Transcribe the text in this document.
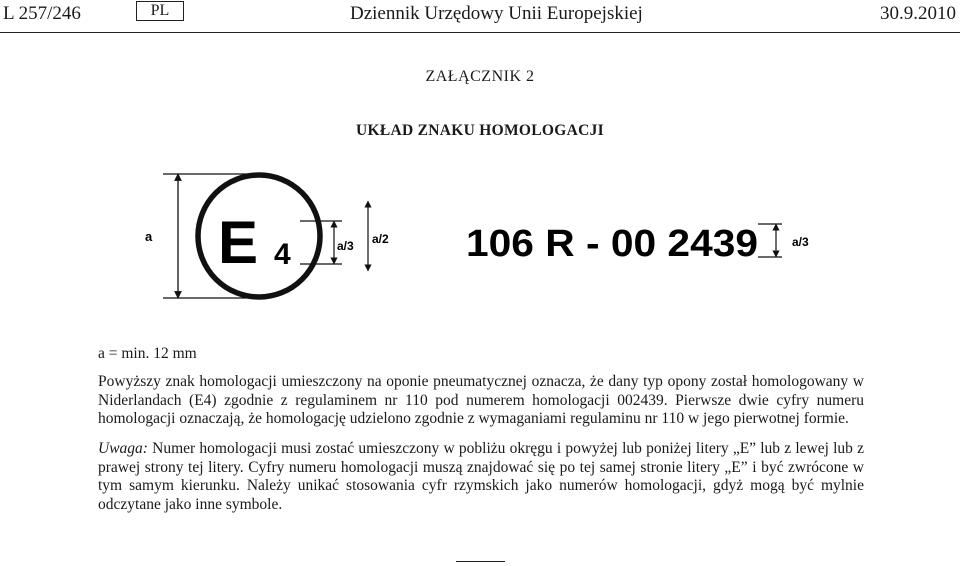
L 257/246	PL	Dziennik Urzędowy Unii Europejskiej	30.9.2010
ZAŁĄCZNIK 2
UKŁAD ZNAKU HOMOLOGACJI
a E 4	a/3 a/2 106 R - 00 2439	a/3
a = min. 12 mm
Powyższy znak homologacji umieszczony na oponie pneumatycznej oznacza, że dany typ opony został homologowany w Niderlandach (E4) zgodnie z regulaminem nr 110 pod numerem homologacji 002439. Pierwsze dwie cyfry numeru homologacji oznaczają, że homologację udzielono zgodnie z wymaganiami regulaminu nr 110 w jego pierwotnej formie.
Uwaga: Numer homologacji musi zostać umieszczony w pobliżu okręgu i powyżej lub poniżej litery „E” lub z lewej lub z prawej strony tej litery. Cyfry numeru homologacji muszą znajdować się po tej samej stronie litery „E” i być zwrócone w tym samym kierunku. Należy unikać stosowania cyfr rzymskich jako numerów homologacji, gdyż mogą być mylnie odczytane jako inne symbole.
